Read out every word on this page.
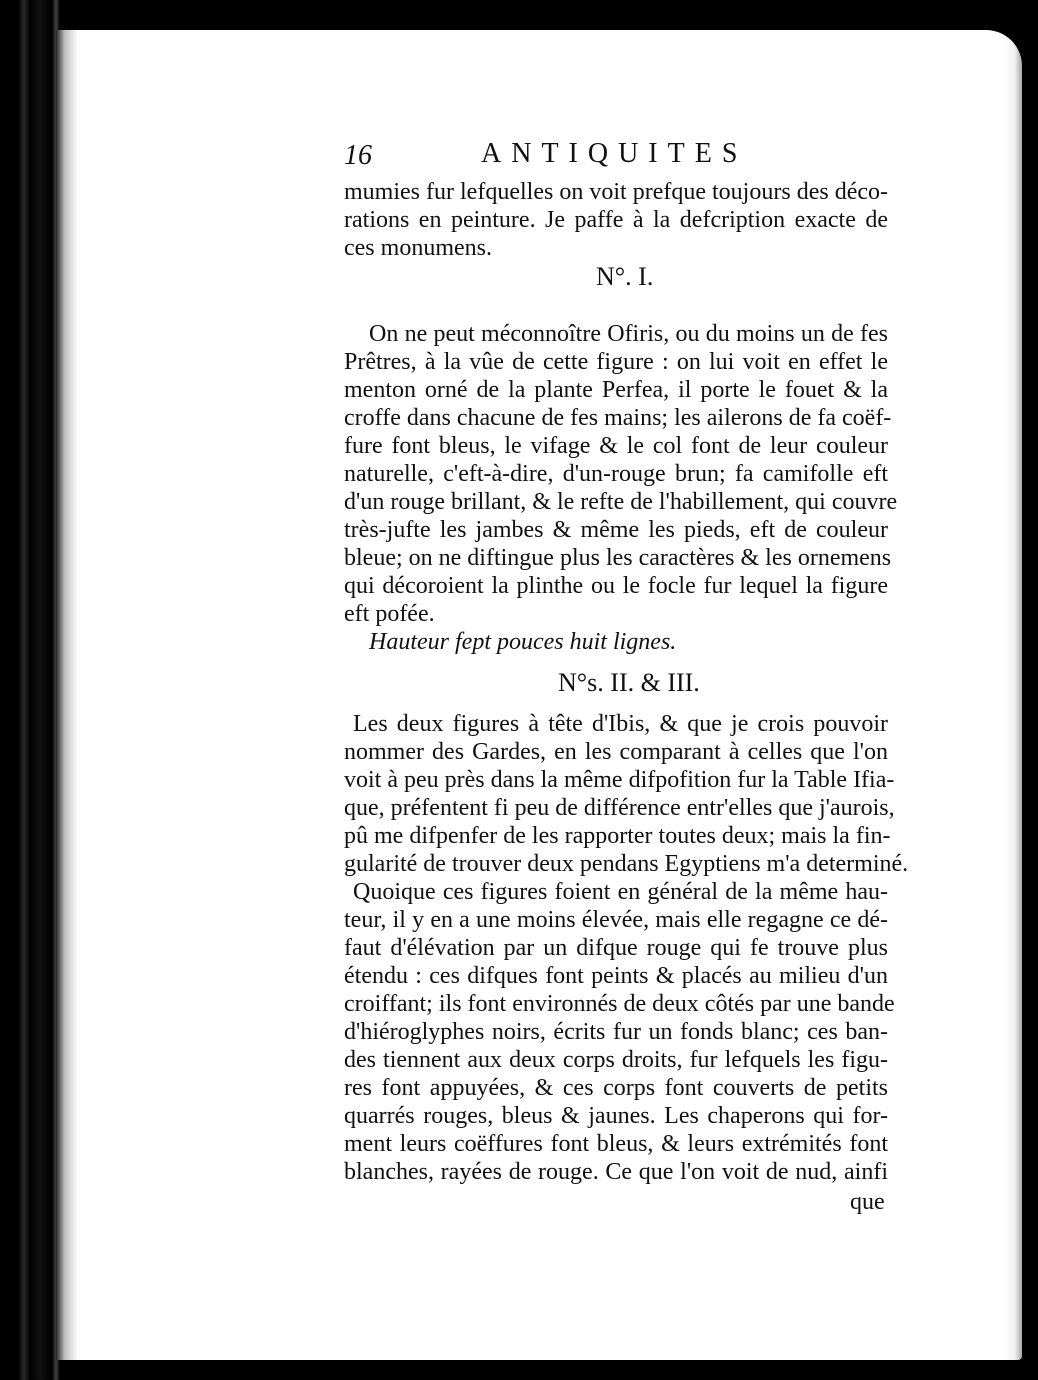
16	ANTIQUITES
mumies fur lefquelles on voit prefque toujours des déco-
rations en peinture. Je paffe à la defcription exacte de
ces monumens.
N°. I.
On ne peut méconnoître Ofiris, ou du moins un de fes
Prêtres, à la vûe de cette figure : on lui voit en effet le
menton orné de la plante Perfea, il porte le fouet & la
croffe dans chacune de fes mains; les ailerons de fa coëf-
fure font bleus, le vifage & le col font de leur couleur
naturelle, c'eft-à-dire, d'un-rouge brun; fa camifolle eft
d'un rouge brillant, & le refte de l'habillement, qui couvre
très-jufte les jambes & même les pieds, eft de couleur
bleue; on ne diftingue plus les caractères & les ornemens
qui décoroient la plinthe ou le focle fur lequel la figure
eft pofée.
Hauteur fept pouces huit lignes.
N°s. II. & III.
Les deux figures à tête d'Ibis, & que je crois pouvoir
nommer des Gardes, en les comparant à celles que l'on
voit à peu près dans la même difpofition fur la Table Ifia-
que, préfentent fi peu de différence entr'elles que j'aurois,
pû me difpenfer de les rapporter toutes deux; mais la fin-
gularité de trouver deux pendans Egyptiens m'a determiné.
Quoique ces figures foient en général de la même hau-
teur, il y en a une moins élevée, mais elle regagne ce dé-
faut d'élévation par un difque rouge qui fe trouve plus
étendu : ces difques font peints & placés au milieu d'un
croiffant; ils font environnés de deux côtés par une bande
d'hiéroglyphes noirs, écrits fur un fonds blanc; ces ban-
des tiennent aux deux corps droits, fur lefquels les figu-
res font appuyées, & ces corps font couverts de petits
quarrés rouges, bleus & jaunes. Les chaperons qui for-
ment leurs coëffures font bleus, & leurs extrémités font
blanches, rayées de rouge. Ce que l'on voit de nud, ainfi
que
